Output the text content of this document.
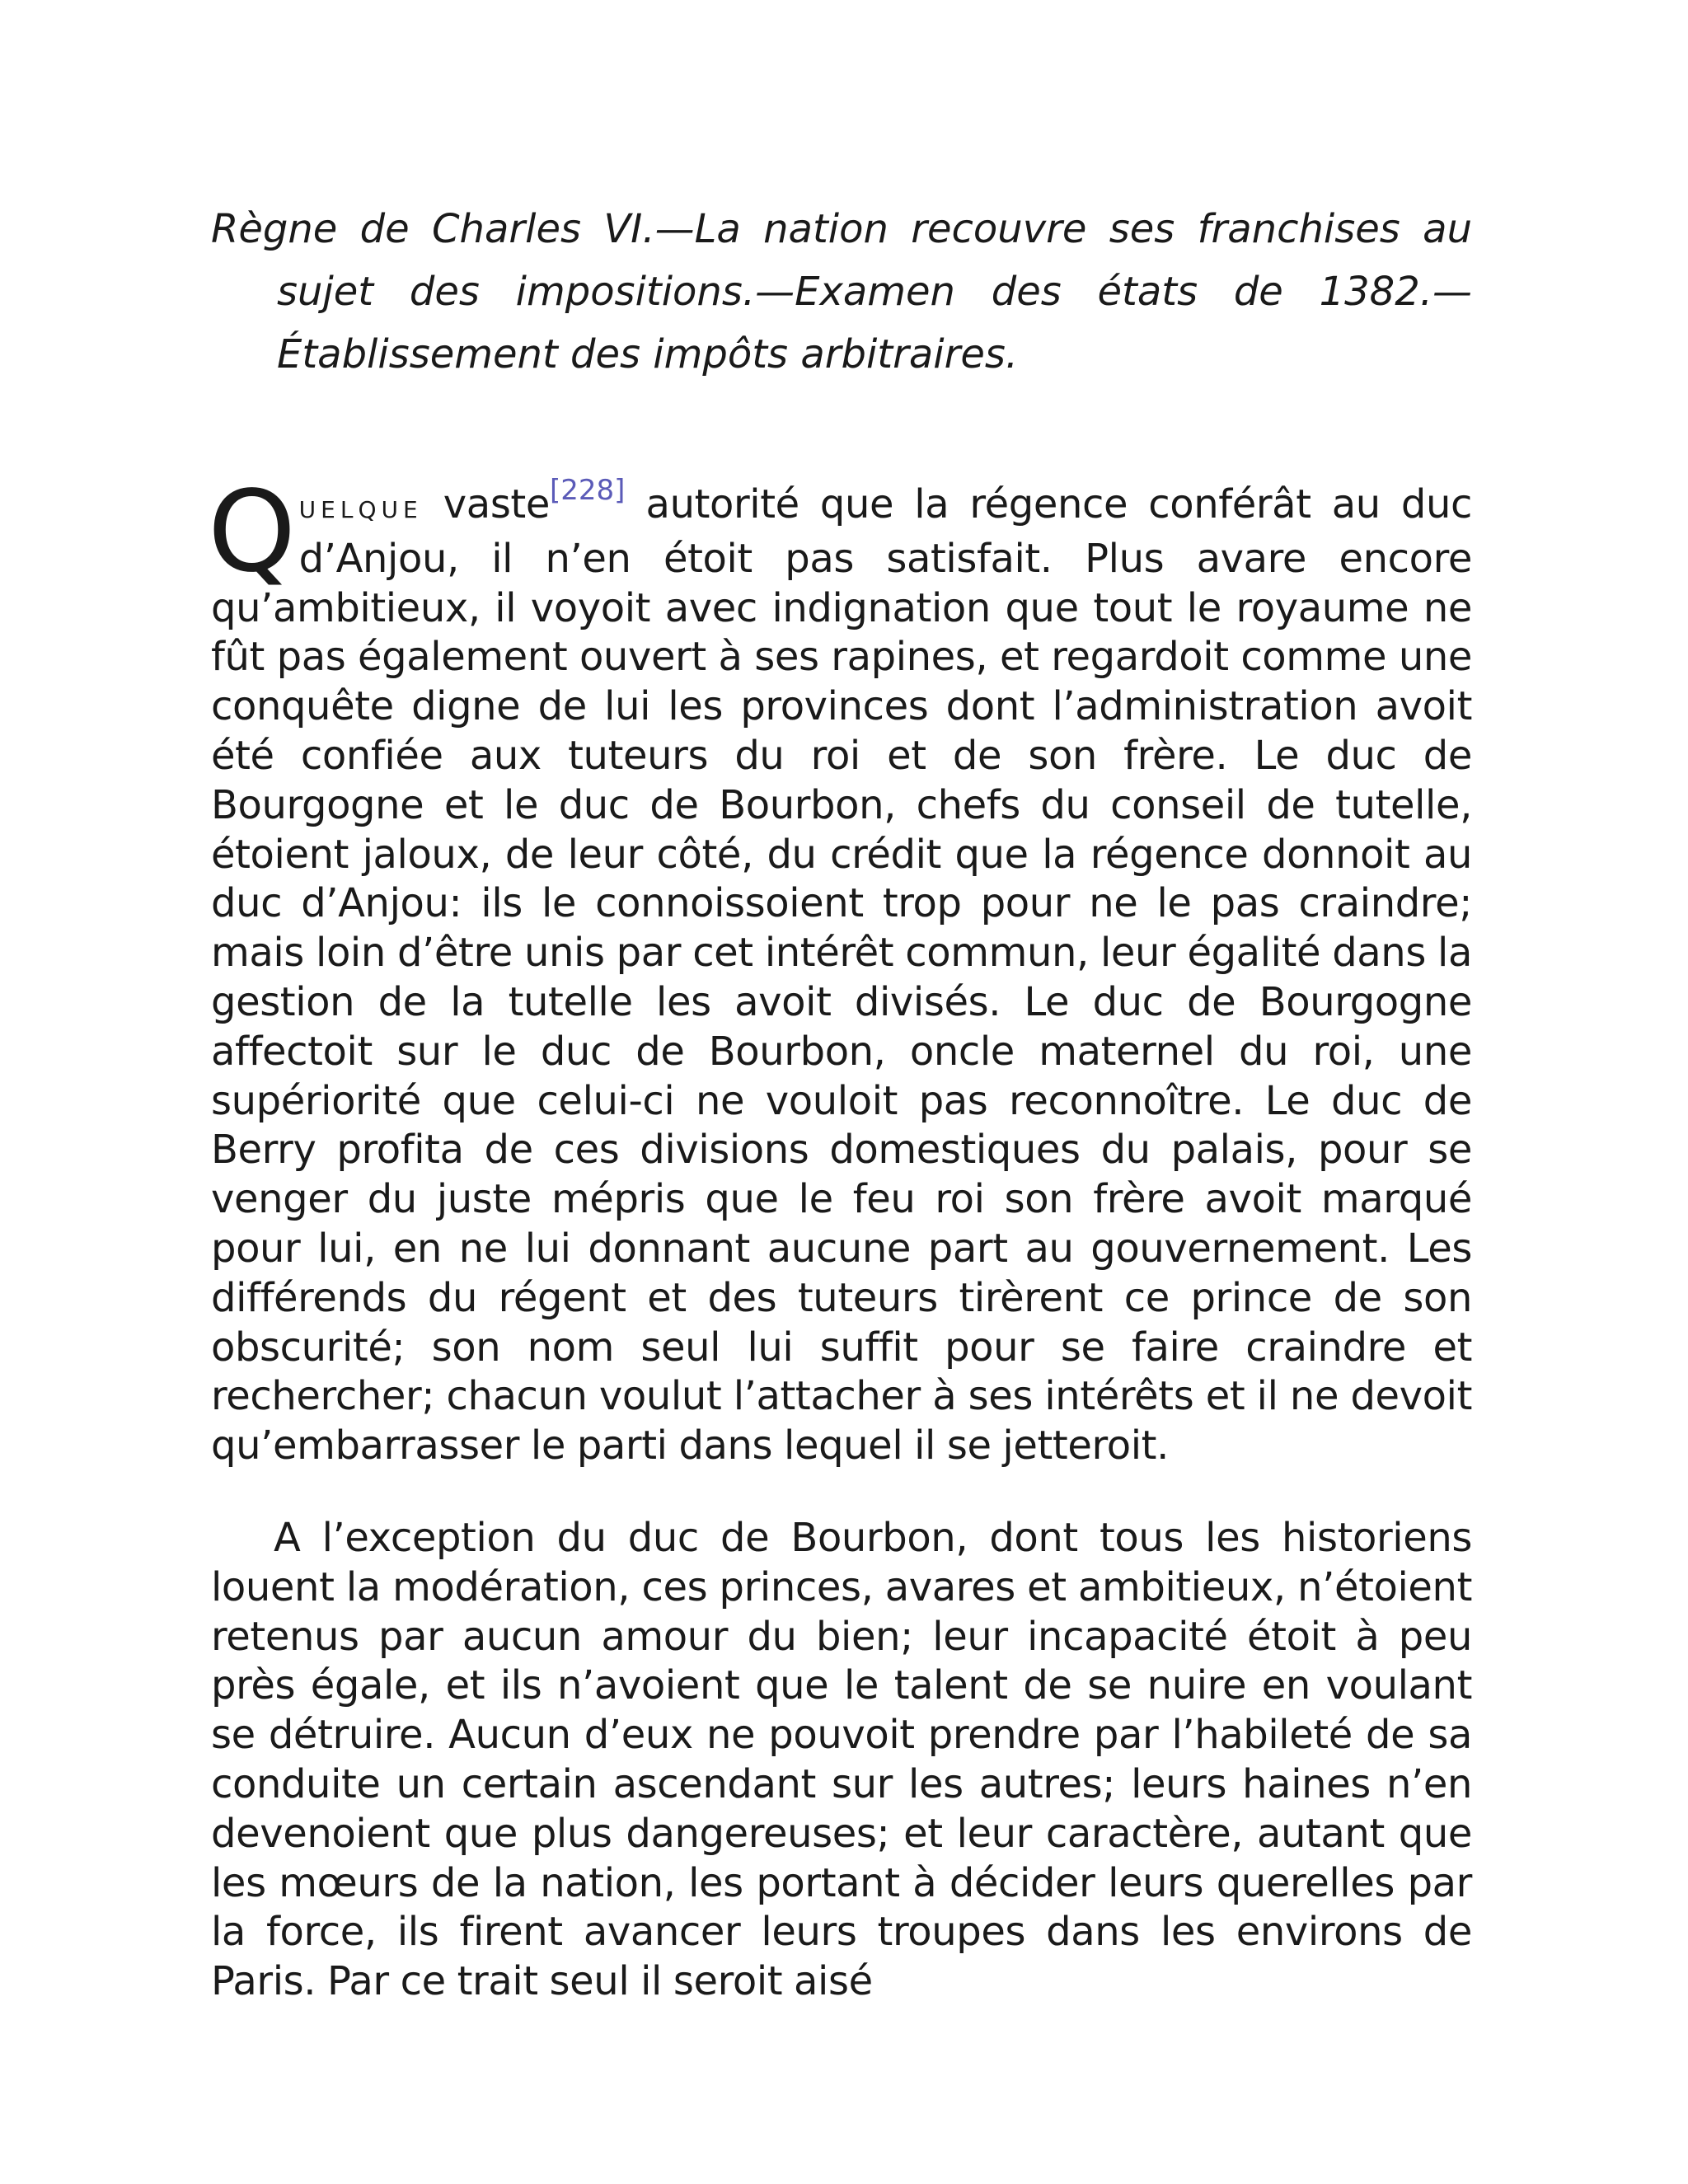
Règne de Charles VI.—La nation recouvre ses franchises au sujet des impositions.—Examen des états de 1382.—Établissement des impôts arbitraires.

QUELQUE vaste[228] autorité que la régence conférât au duc d’Anjou, il n’en étoit pas satisfait. Plus avare encore qu’ambitieux, il voyoit avec indignation que tout le royaume ne fût pas également ouvert à ses rapines, et regardoit comme une conquête digne de lui les provinces dont l’administration avoit été confiée aux tuteurs du roi et de son frère. Le duc de Bourgogne et le duc de Bourbon, chefs du conseil de tutelle, étoient jaloux, de leur côté, du crédit que la régence donnoit au duc d’Anjou: ils le connoissoient trop pour ne le pas craindre; mais loin d’être unis par cet intérêt commun, leur égalité dans la gestion de la tutelle les avoit divisés. Le duc de Bourgogne affectoit sur le duc de Bourbon, oncle maternel du roi, une supériorité que celui-ci ne vouloit pas reconnoître. Le duc de Berry profita de ces divisions domestiques du palais, pour se venger du juste mépris que le feu roi son frère avoit marqué pour lui, en ne lui donnant aucune part au gouvernement. Les différends du régent et des tuteurs tirèrent ce prince de son obscurité; son nom seul lui suffit pour se faire craindre et rechercher; chacun voulut l’attacher à ses intérêts et il ne devoit qu’embarrasser le parti dans lequel il se jetteroit.

A l’exception du duc de Bourbon, dont tous les historiens louent la modération, ces princes, avares et ambitieux, n’étoient retenus par aucun amour du bien; leur incapacité étoit à peu près égale, et ils n’avoient que le talent de se nuire en voulant se détruire. Aucun d’eux ne pouvoit prendre par l’habileté de sa conduite un certain ascendant sur les autres; leurs haines n’en devenoient que plus dangereuses; et leur caractère, autant que les mœurs de la nation, les portant à décider leurs querelles par la force, ils firent avancer leurs troupes dans les environs de Paris. Par ce trait seul il seroit aisé
